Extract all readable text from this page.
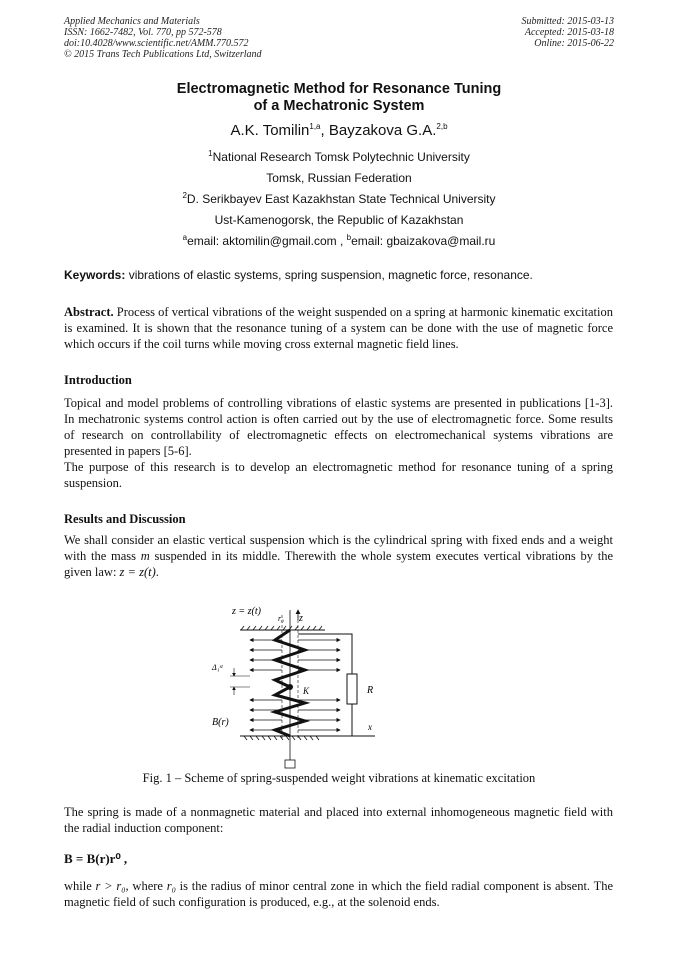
Applied Mechanics and Materials
ISSN: 1662-7482, Vol. 770, pp 572-578
doi:10.4028/www.scientific.net/AMM.770.572
© 2015 Trans Tech Publications Ltd, Switzerland
Submitted: 2015-03-13
Accepted: 2015-03-18
Online: 2015-06-22
Electromagnetic Method for Resonance Tuning
of a Mechatronic System
A.K. Tomilin$^{1,a}$, Bayzakova G.A.$^{2,b}$
$^1$National Research Tomsk Polytechnic University
Tomsk, Russian Federation
$^2$D. Serikbayev East Kazakhstan State Technical University
Ust-Kamenogorsk, the Republic of Kazakhstan
$^a$email: aktomilin@gmail.com , $^b$email: gbaizakova@mail.ru
Keywords: vibrations of elastic systems, spring suspension, magnetic force, resonance.
Abstract. Process of vertical vibrations of the weight suspended on a spring at harmonic kinematic excitation is examined. It is shown that the resonance tuning of a system can be done with the use of magnetic force which occurs if the coil turns while moving cross external magnetic field lines.
Introduction
Topical and model problems of controlling vibrations of elastic systems are presented in publications [1-3]. In mechatronic systems control action is often carried out by the use of electromagnetic force. Some results of research on controllability of electromagnetic effects on electromechanical systems vibrations are presented in papers [5-6].
The purpose of this research is to develop an electromagnetic method for resonance tuning of a spring suspension.
Results and Discussion
We shall consider an elastic vertical suspension which is the cylindrical spring with fixed ends and a weight with the mass m suspended in its middle. Therewith the whole system executes vertical vibrations by the given law: z = z(t).
z = z(t)
r₀ z
Δ₁ˢᵗ
K	R
B(r)	x
Fig. 1 – Scheme of spring-suspended weight vibrations at kinematic excitation
The spring is made of a nonmagnetic material and placed into external inhomogeneous magnetic field with the radial induction component:
B = B(r)r⁰ ,
while r > r₀, where r₀ is the radius of minor central zone in which the field radial component is absent. The magnetic field of such configuration is produced, e.g., at the solenoid ends.
